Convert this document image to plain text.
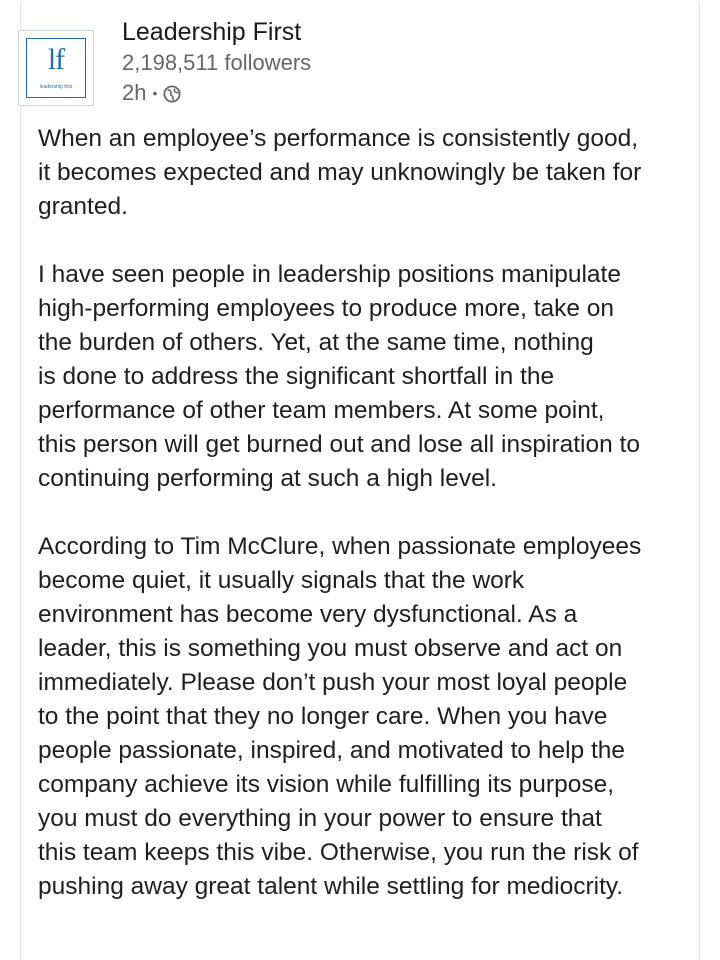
lf
leadership first
Leadership First
2,198,511 followers
2h •
When an employee’s performance is consistently good,
it becomes expected and may unknowingly be taken for
granted.
I have seen people in leadership positions manipulate
high-performing employees to produce more, take on
the burden of others. Yet, at the same time, nothing
is done to address the significant shortfall in the
performance of other team members. At some point,
this person will get burned out and lose all inspiration to
continuing performing at such a high level.
According to Tim McClure, when passionate employees
become quiet, it usually signals that the work
environment has become very dysfunctional. As a
leader, this is something you must observe and act on
immediately. Please don’t push your most loyal people
to the point that they no longer care. When you have
people passionate, inspired, and motivated to help the
company achieve its vision while fulfilling its purpose,
you must do everything in your power to ensure that
this team keeps this vibe. Otherwise, you run the risk of
pushing away great talent while settling for mediocrity.
